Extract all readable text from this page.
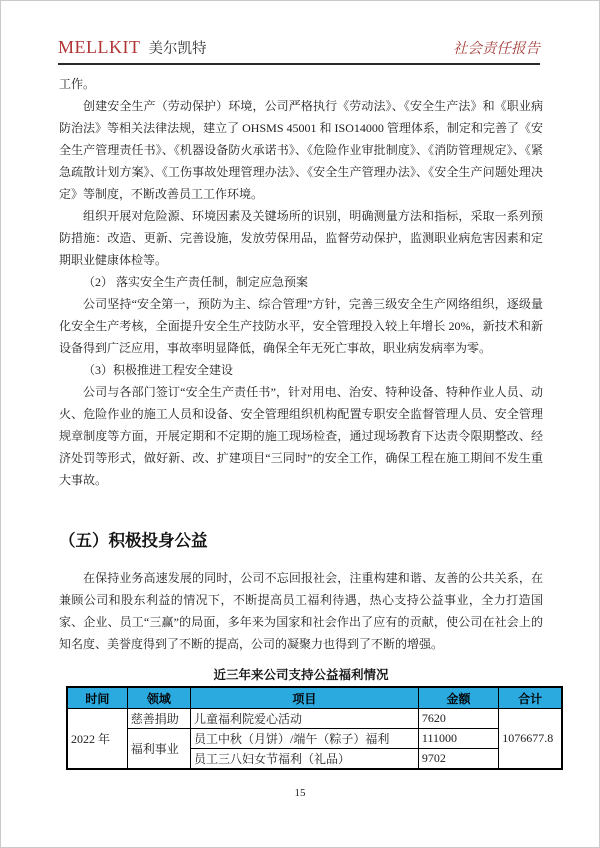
MELLKIT 美尔凯特	社会责任报告

工作。

创建安全生产（劳动保护）环境，公司严格执行《劳动法》、《安全生产法》和《职业病防治法》等相关法律法规，建立了 OHSMS 45001 和 ISO14000 管理体系，制定和完善了《安全生产管理责任书》、《机器设备防火承诺书》、《危险作业审批制度》、《消防管理规定》、《紧急疏散计划方案》、《工伤事故处理管理办法》、《安全生产管理办法》、《安全生产问题处理决定》等制度，不断改善员工工作环境。

组织开展对危险源、环境因素及关键场所的识别，明确测量方法和指标，采取一系列预防措施：改造、更新、完善设施，发放劳保用品，监督劳动保护，监测职业病危害因素和定期职业健康体检等。

（2） 落实安全生产责任制，制定应急预案

公司坚持“安全第一，预防为主、综合管理”方针，完善三级安全生产网络组织，逐级量化安全生产考核，全面提升安全生产技防水平，安全管理投入较上年增长 20%，新技术和新设备得到广泛应用，事故率明显降低，确保全年无死亡事故，职业病发病率为零。

（3）积极推进工程安全建设

公司与各部门签订“安全生产责任书”，针对用电、治安、特种设备、特种作业人员、动火、危险作业的施工人员和设备、安全管理组织机构配置专职安全监督管理人员、安全管理规章制度等方面，开展定期和不定期的施工现场检查，通过现场教育下达责令限期整改、经济处罚等形式，做好新、改、扩建项目“三同时”的安全工作，确保工程在施工期间不发生重大事故。

（五）积极投身公益

在保持业务高速发展的同时，公司不忘回报社会，注重构建和谐、友善的公共关系，在兼顾公司和股东利益的情况下，不断提高员工福利待遇，热心支持公益事业，全力打造国家、企业、员工“三赢”的局面，多年来为国家和社会作出了应有的贡献，使公司在社会上的知名度、美誉度得到了不断的提高，公司的凝聚力也得到了不断的增强。

近三年来公司支持公益福利情况
时间	领域	项目	金额	合计
2022 年	慈善捐助	儿童福利院爱心活动	7620	1076677.8
	福利事业	员工中秋（月饼）/端午（粽子）福利	111000	
		员工三八妇女节福利（礼品）	9702	
15
